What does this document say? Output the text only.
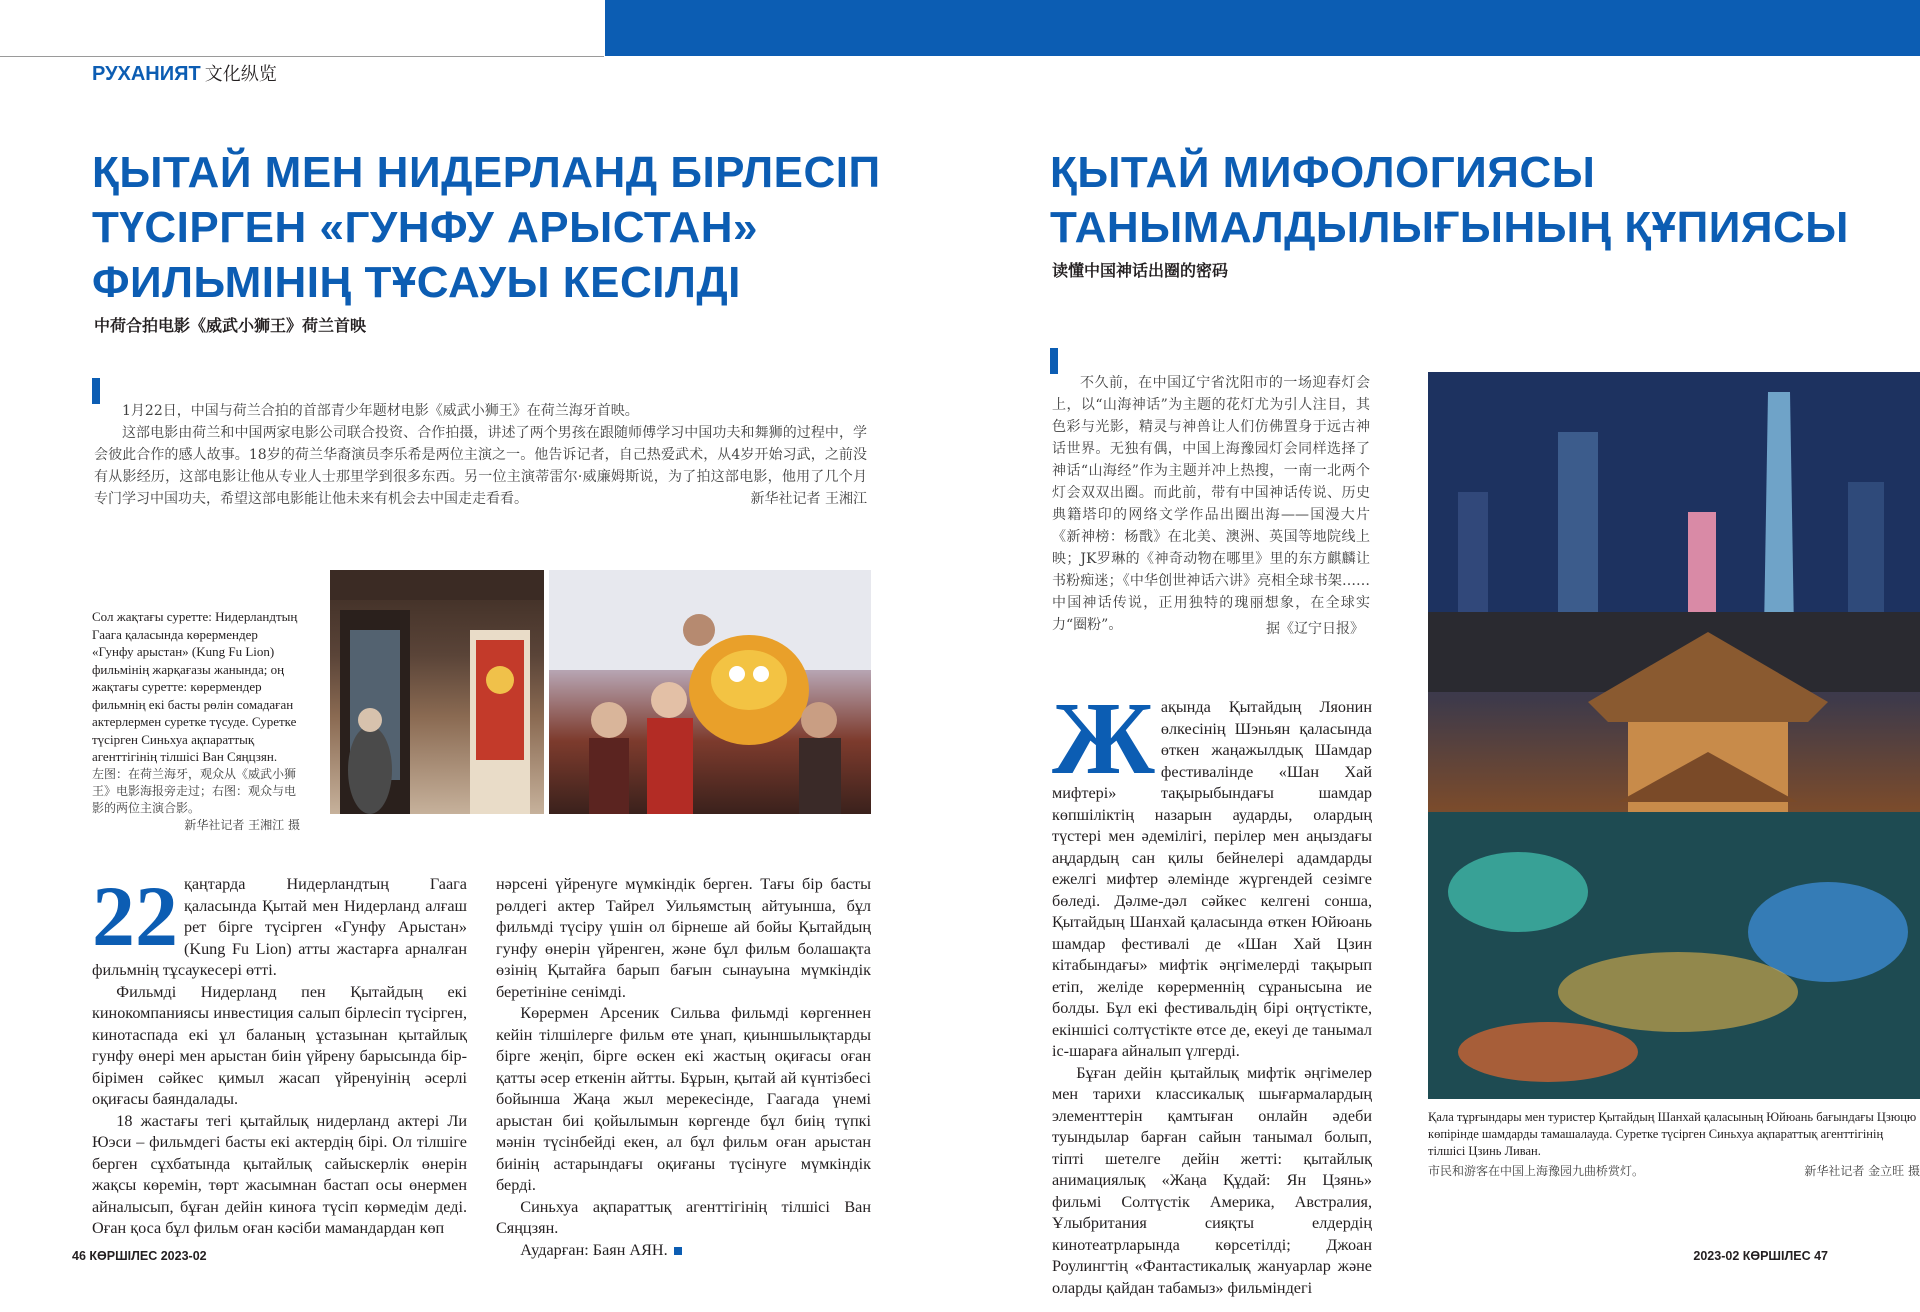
РУХАНИЯТ 文化纵览
ҚЫТАЙ МЕН НИДЕРЛАНД БІРЛЕСІП
ТҮСІРГЕН «ГУНФУ АРЫСТАН»
ФИЛЬМІНІҢ ТҰСАУЫ КЕСІЛДІ
中荷合拍电影《威武小狮王》荷兰首映

1月22日，中国与荷兰合拍的首部青少年题材电影《威武小狮王》在荷兰海牙首映。

这部电影由荷兰和中国两家电影公司联合投资、合作拍摄，讲述了两个男孩在跟随师傅学习中国功夫和舞狮的过程中，学会彼此合作的感人故事。18岁的荷兰华裔演员李乐希是两位主演之一。他告诉记者，自己热爱武术，从4岁开始习武，之前没有从影经历，这部电影让他从专业人士那里学到很多东西。另一位主演蒂雷尔·威廉姆斯说，为了拍这部电影，他用了几个月专门学习中国功夫，希望这部电影能让他未来有机会去中国走走看看。	新华社记者 王湘江

Сол жақтағы суретте: Нидерландтың Гаага қаласында көрермендер «Гунфу арыстан» (Kung Fu Lion) фильмінің жарқағазы жанында; оң жақтағы суретте: көрермендер фильмнің екі басты рөлін сомадаған актерлермен суретке түсуде. Суретке түсірген Синьхуа ақпараттық агенттігінің тілшісі Ван Сяңцзян.
左图：在荷兰海牙，观众从《威武小狮王》电影海报旁走过；右图：观众与电影的两位主演合影。
新华社记者 王湘江 摄
22 қаңтарда Нидерландтың Гаага қаласында Қытай мен Нидерланд алғаш рет бірге түсірген «Гунфу Арыстан» (Kung Fu Lion) атты жастарға арналған фильмнің тұсаукесері өтті.

Фильмді Нидерланд пен Қытайдың екі кинокомпаниясы инвестиция салып бірлесіп түсірген, кинотаспада екі ұл баланың ұстазынан қытайлық гунфу өнері мен арыстан биін үйрену барысында бір-бірімен сәйкес қимыл жасап үйренуінің әсерлі оқиғасы баяндалады.

18 жастағы тегі қытайлық нидерланд актері Ли Юэси – фильмдегі басты екі актердің бірі. Ол тілшіге берген сұхбатында қытайлық сайыскерлік өнерін жақсы көремін, төрт жасымнан бастап осы өнермен айналысып, бұған дейін киноға түсіп көрмедім деді. Оған қоса бұл фильм оған кәсіби мамандардан көп

нәрсені үйренуге мүмкіндік берген. Тағы бір басты рөлдегі актер Тайрел Уильямстың айтуынша, бұл фильмді түсіру үшін ол бірнеше ай бойы Қытайдың гунфу өнерін үйренген, және бұл фильм болашақта өзінің Қытайға барып бағын сынауына мүмкіндік беретініне сенімді.

Көрермен Арсеник Сильва фильмді көргеннен кейін тілшілерге фильм өте ұнап, қиыншылықтарды бірге жеңіп, бірге өскен екі жастың оқиғасы оған қатты әсер еткенін айтты. Бұрын, қытай ай күнтізбесі бойынша Жаңа жыл мерекесінде, Гаагада үнемі арыстан биі қойылымын көргенде бұл биің түпкі мәнін түсінбейді екен, ал бұл фильм оған арыстан биінің астарындағы оқиғаны түсінуге мүмкіндік берді.

Синьхуа ақпараттық агенттігінің тілшісі Ван Сяңцзян.

Аударған: Баян АЯН.

ҚЫТАЙ МИФОЛОГИЯСЫ
ТАНЫМАЛДЫЛЫҒЫНЫҢ ҚҰПИЯСЫ
读懂中国神话出圈的密码

不久前，在中国辽宁省沈阳市的一场迎春灯会上，以“山海神话”为主题的花灯尤为引人注目，其色彩与光影，精灵与神兽让人们仿佛置身于远古神话世界。无独有偶，中国上海豫园灯会同样选择了神话“山海经”作为主题并冲上热搜，一南一北两个灯会双双出圈。而此前，带有中国神话传说、历史典籍塔印的网络文学作品出圈出海——国漫大片《新神榜：杨戬》在北美、澳洲、英国等地院线上映；JK罗琳的《神奇动物在哪里》里的东方麒麟让书粉痴迷；《中华创世神话六讲》亮相全球书架……中国神话传说，正用独特的瑰丽想象，在全球实力“圈粉”。	据《辽宁日报》
Ж ақында Қытайдың Ляонин өлкесінің Шэньян қаласында өткен жаңажылдық Шамдар фестивалінде «Шан Хай мифтері» тақырыбындағы шамдар көпшіліктің назарын аударды, олардың түстері мен әдемілігі, перілер мен аңыздағы аңдардың сан қилы бейнелері адамдарды ежелгі мифтер әлемінде жүргендей сезімге бөледі. Дәлме-дәл сәйкес келгені сонша, Қытайдың Шанхай қаласында өткен Юйюань шамдар фестивалі де «Шан Хай Цзин кітабындағы» мифтік әңгімелерді тақырып етіп, желіде көрерменнің сұранысына ие болды. Бұл екі фестивальдің бірі оңтүстікте, екіншісі солтүстікте өтсе де, екеуі де танымал іс-шараға айналып үлгерді.

Бұған дейін қытайлық мифтік әңгімелер мен тарихи классикалық шығармалардың элементтерін қамтыған онлайн әдеби туындылар барған сайын танымал болып, тіпті шетелге дейін жетті: қытайлық анимациялық «Жаңа Құдай: Ян Цзянь» фильмі Солтүстік Америка, Австралия, Ұлыбритания сияқты елдердің кинотеатрларында көрсетілді; Джоан Роулингтің «Фантастикалық жануарлар және оларды қайдан табамыз» фильміндегі

Қала тұрғындары мен туристер Қытайдың Шанхай қаласының Юйюань бағындағы Цзюцю көпірінде шамдарды тамашалауда. Суретке түсірген Синьхуа ақпараттық агенттігінің тілшісі Цзинь Ливан.
市民和游客在中国上海豫园九曲桥赏灯。	新华社记者 金立旺 摄
46 КӨРШІЛЕС 2023-02	2023-02 КӨРШІЛЕС 47
